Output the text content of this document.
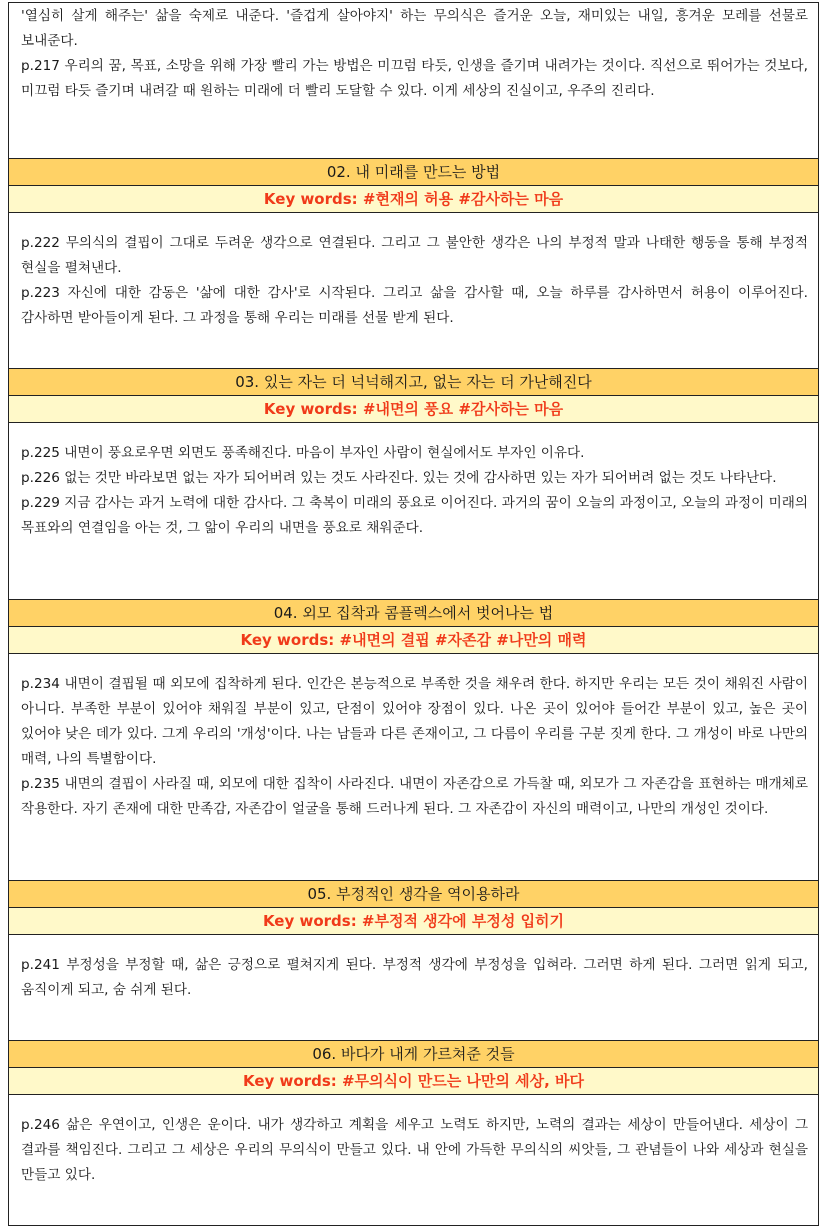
'열심히 살게 해주는' 삶을 숙제로 내준다. '즐겁게 살아야지' 하는 무의식은 즐거운 오늘, 재미있는 내일, 흥겨운 모레를 선물로 보내준다.

p.217 우리의 꿈, 목표, 소망을 위해 가장 빨리 가는 방법은 미끄럼 타듯, 인생을 즐기며 내려가는 것이다. 직선으로 뛰어가는 것보다, 미끄럼 타듯 즐기며 내려갈 때 원하는 미래에 더 빨리 도달할 수 있다. 이게 세상의 진실이고, 우주의 진리다.

02. 내 미래를 만드는 방법
Key words: #현재의 허용 #감사하는 마음

p.222 무의식의 결핍이 그대로 두려운 생각으로 연결된다. 그리고 그 불안한 생각은 나의 부정적 말과 나태한 행동을 통해 부정적 현실을 펼쳐낸다.

p.223 자신에 대한 감동은 '삶에 대한 감사'로 시작된다. 그리고 삶을 감사할 때, 오늘 하루를 감사하면서 허용이 이루어진다. 감사하면 받아들이게 된다. 그 과정을 통해 우리는 미래를 선물 받게 된다.

03. 있는 자는 더 넉넉해지고, 없는 자는 더 가난해진다
Key words: #내면의 풍요 #감사하는 마음

p.225 내면이 풍요로우면 외면도 풍족해진다. 마음이 부자인 사람이 현실에서도 부자인 이유다.

p.226 없는 것만 바라보면 없는 자가 되어버려 있는 것도 사라진다. 있는 것에 감사하면 있는 자가 되어버려 없는 것도 나타난다.

p.229 지금 감사는 과거 노력에 대한 감사다. 그 축복이 미래의 풍요로 이어진다. 과거의 꿈이 오늘의 과정이고, 오늘의 과정이 미래의 목표와의 연결임을 아는 것, 그 앎이 우리의 내면을 풍요로 채워준다.

04. 외모 집착과 콤플렉스에서 벗어나는 법
Key words: #내면의 결핍 #자존감 #나만의 매력

p.234 내면이 결핍될 때 외모에 집착하게 된다. 인간은 본능적으로 부족한 것을 채우려 한다. 하지만 우리는 모든 것이 채워진 사람이 아니다. 부족한 부분이 있어야 채워질 부분이 있고, 단점이 있어야 장점이 있다. 나온 곳이 있어야 들어간 부분이 있고, 높은 곳이 있어야 낮은 데가 있다. 그게 우리의 '개성'이다. 나는 남들과 다른 존재이고, 그 다름이 우리를 구분 짓게 한다. 그 개성이 바로 나만의 매력, 나의 특별함이다.

p.235 내면의 결핍이 사라질 때, 외모에 대한 집착이 사라진다. 내면이 자존감으로 가득찰 때, 외모가 그 자존감을 표현하는 매개체로 작용한다. 자기 존재에 대한 만족감, 자존감이 얼굴을 통해 드러나게 된다. 그 자존감이 자신의 매력이고, 나만의 개성인 것이다.

05. 부정적인 생각을 역이용하라
Key words: #부정적 생각에 부정성 입히기

p.241 부정성을 부정할 때, 삶은 긍정으로 펼쳐지게 된다. 부정적 생각에 부정성을 입혀라. 그러면 하게 된다. 그러면 읽게 되고, 움직이게 되고, 숨 쉬게 된다.

06. 바다가 내게 가르쳐준 것들
Key words: #무의식이 만드는 나만의 세상, 바다

p.246 삶은 우연이고, 인생은 운이다. 내가 생각하고 계획을 세우고 노력도 하지만, 노력의 결과는 세상이 만들어낸다. 세상이 그 결과를 책임진다. 그리고 그 세상은 우리의 무의식이 만들고 있다. 내 안에 가득한 무의식의 씨앗들, 그 관념들이 나와 세상과 현실을 만들고 있다.
